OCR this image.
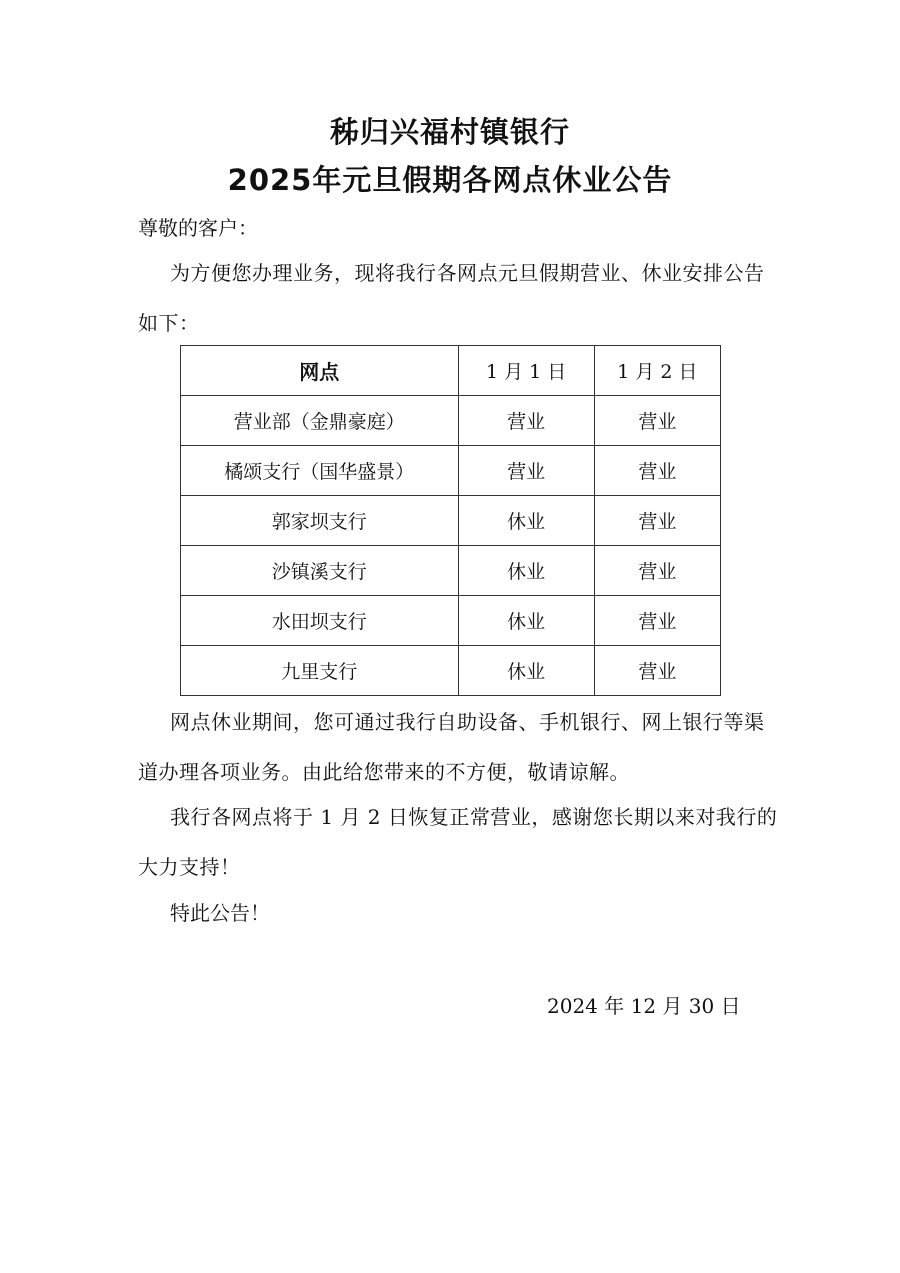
秭归兴福村镇银行
2025年元旦假期各网点休业公告
尊敬的客户：
为方便您办理业务，现将我行各网点元旦假期营业、休业安排公告如下：
网点	1 月 1 日	1 月 2 日
营业部（金鼎豪庭）	营业	营业
橘颂支行（国华盛景）	营业	营业
郭家坝支行	休业	营业
沙镇溪支行	休业	营业
水田坝支行	休业	营业
九里支行	休业	营业
网点休业期间，您可通过我行自助设备、手机银行、网上银行等渠道办理各项业务。由此给您带来的不方便，敬请谅解。
我行各网点将于 1 月 2 日恢复正常营业，感谢您长期以来对我行的大力支持！
特此公告！
2024 年 12 月 30 日
